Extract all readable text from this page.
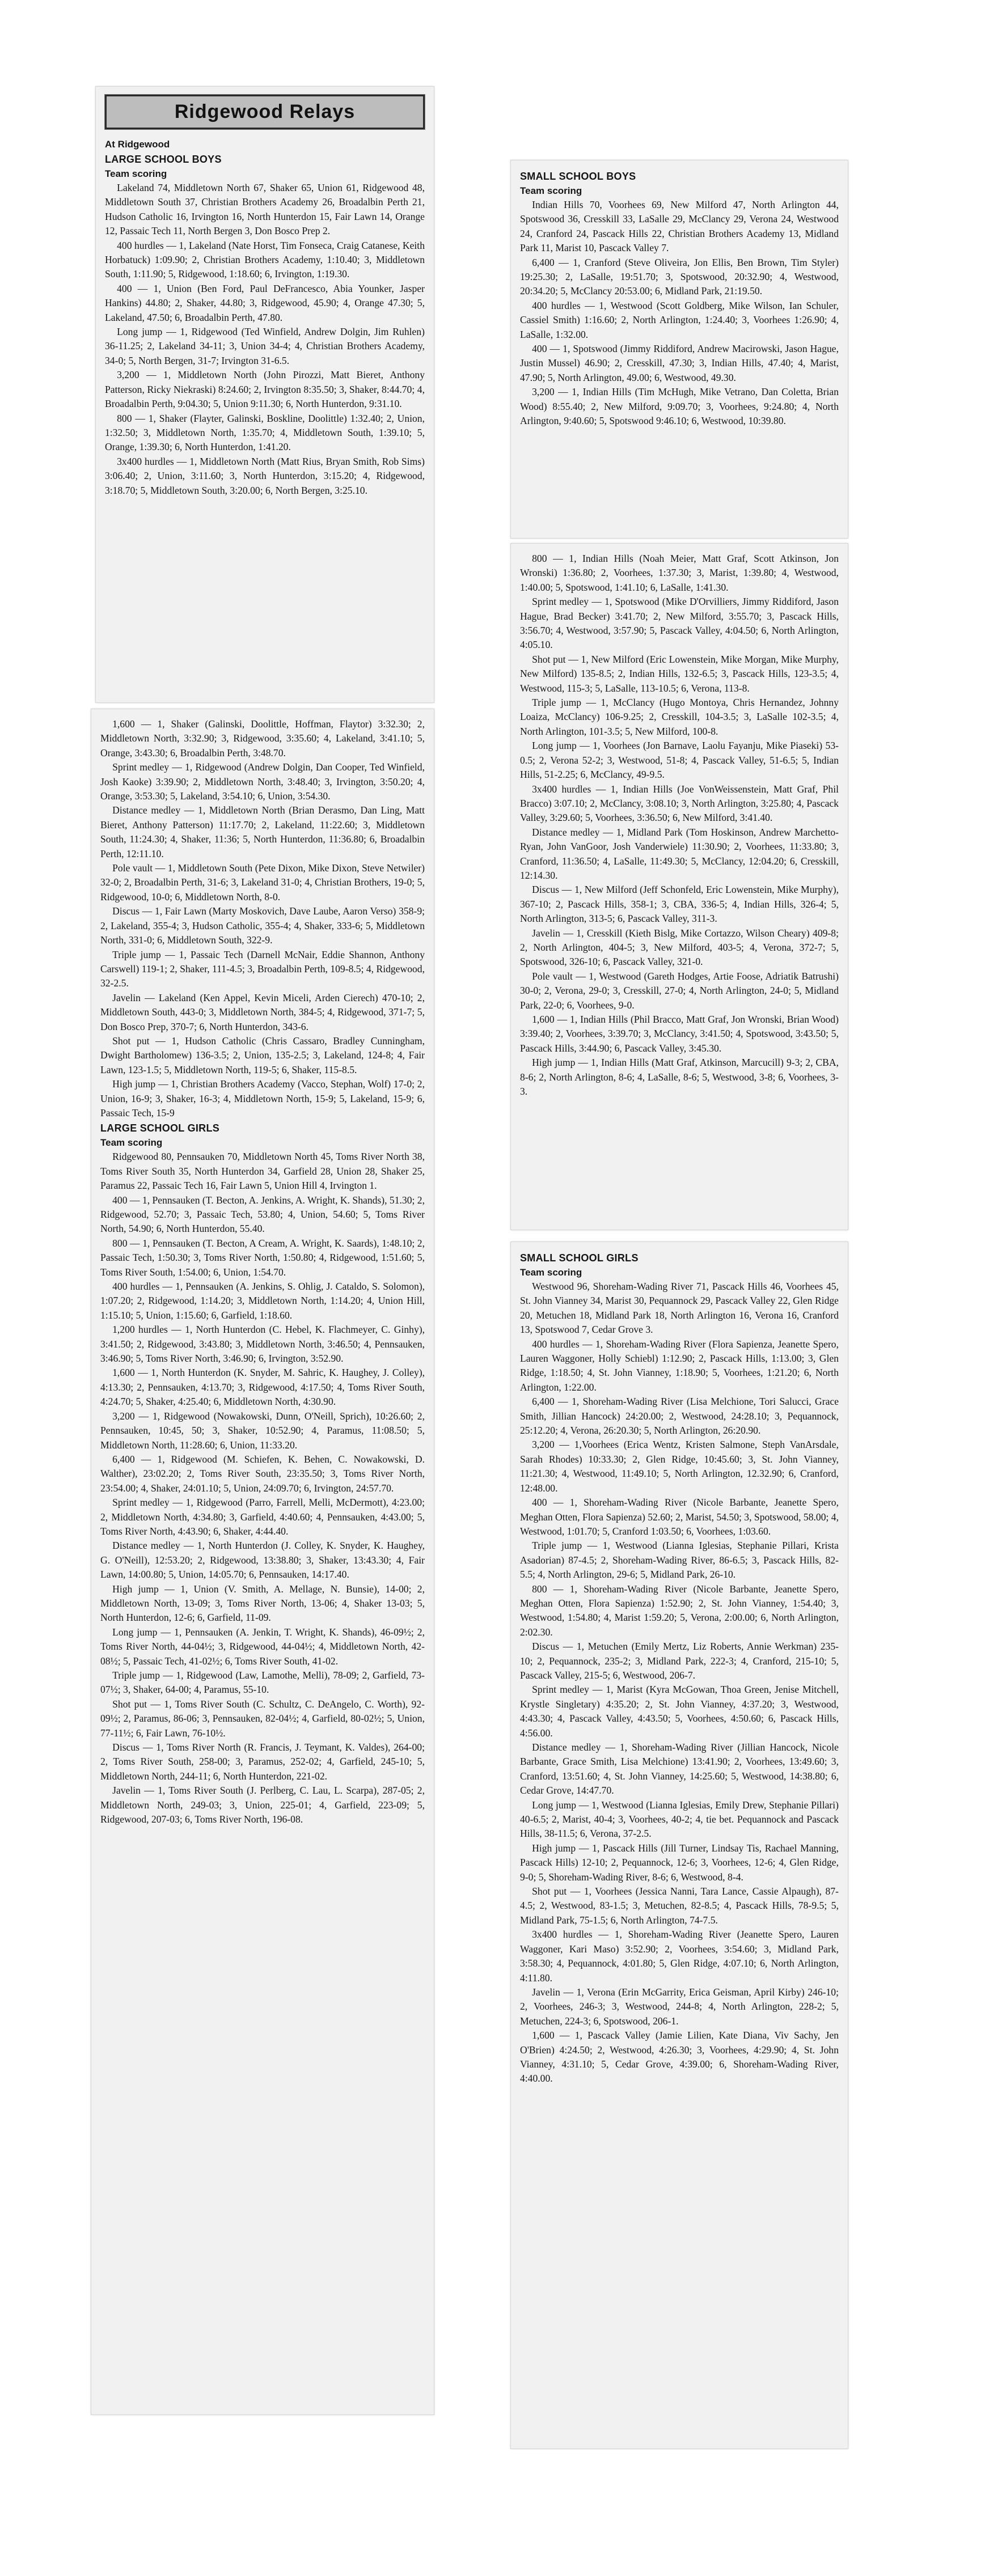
Ridgewood Relays
At Ridgewood
LARGE SCHOOL BOYS
Team scoring

Lakeland 74, Middletown North 67, Shaker 65, Union 61, Ridgewood 48, Middletown South 37, Christian Brothers Academy 26, Broadalbin Perth 21, Hudson Catholic 16, Irvington 16, North Hunterdon 15, Fair Lawn 14, Orange 12, Passaic Tech 11, North Bergen 3, Don Bosco Prep 2.

400 hurdles — 1, Lakeland (Nate Horst, Tim Fonseca, Craig Catanese, Keith Horbatuck) 1:09.90; 2, Christian Brothers Academy, 1:10.40; 3, Middletown South, 1:11.90; 5, Ridgewood, 1:18.60; 6, Irvington, 1:19.30.

400 — 1, Union (Ben Ford, Paul DeFrancesco, Abia Younker, Jasper Hankins) 44.80; 2, Shaker, 44.80; 3, Ridgewood, 45.90; 4, Orange 47.30; 5, Lakeland, 47.50; 6, Broadalbin Perth, 47.80.

Long jump — 1, Ridgewood (Ted Winfield, Andrew Dolgin, Jim Ruhlen) 36-11.25; 2, Lakeland 34-11; 3, Union 34-4; 4, Christian Brothers Academy, 34-0; 5, North Bergen, 31-7; Irvington 31-6.5.

3,200 — 1, Middletown North (John Pirozzi, Matt Bieret, Anthony Patterson, Ricky Niekraski) 8:24.60; 2, Irvington 8:35.50; 3, Shaker, 8:44.70; 4, Broadalbin Perth, 9:04.30; 5, Union 9:11.30; 6, North Hunterdon, 9:31.10.

800 — 1, Shaker (Flayter, Galinski, Boskline, Doolittle) 1:32.40; 2, Union, 1:32.50; 3, Middletown North, 1:35.70; 4, Middletown South, 1:39.10; 5, Orange, 1:39.30; 6, North Hunterdon, 1:41.20.

3x400 hurdles — 1, Middletown North (Matt Rius, Bryan Smith, Rob Sims) 3:06.40; 2, Union, 3:11.60; 3, North Hunterdon, 3:15.20; 4, Ridgewood, 3:18.70; 5, Middletown South, 3:20.00; 6, North Bergen, 3:25.10.

1,600 — 1, Shaker (Galinski, Doolittle, Hoffman, Flaytor) 3:32.30; 2, Middletown North, 3:32.90; 3, Ridgewood, 3:35.60; 4, Lakeland, 3:41.10; 5, Orange, 3:43.30; 6, Broadalbin Perth, 3:48.70.

Sprint medley — 1, Ridgewood (Andrew Dolgin, Dan Cooper, Ted Winfield, Josh Kaoke) 3:39.90; 2, Middletown North, 3:48.40; 3, Irvington, 3:50.20; 4, Orange, 3:53.30; 5, Lakeland, 3:54.10; 6, Union, 3:54.30.

Distance medley — 1, Middletown North (Brian Derasmo, Dan Ling, Matt Bieret, Anthony Patterson) 11:17.70; 2, Lakeland, 11:22.60; 3, Middletown South, 11:24.30; 4, Shaker, 11:36; 5, North Hunterdon, 11:36.80; 6, Broadalbin Perth, 12:11.10.

Pole vault — 1, Middletown South (Pete Dixon, Mike Dixon, Steve Netwiler) 32-0; 2, Broadalbin Perth, 31-6; 3, Lakeland 31-0; 4, Christian Brothers, 19-0; 5, Ridgewood, 10-0; 6, Middletown North, 8-0.

Discus — 1, Fair Lawn (Marty Moskovich, Dave Laube, Aaron Verso) 358-9; 2, Lakeland, 355-4; 3, Hudson Catholic, 355-4; 4, Shaker, 333-6; 5, Middletown North, 331-0; 6, Middletown South, 322-9.

Triple jump — 1, Passaic Tech (Darnell McNair, Eddie Shannon, Anthony Carswell) 119-1; 2, Shaker, 111-4.5; 3, Broadalbin Perth, 109-8.5; 4, Ridgewood, 32-2.5.

Javelin — Lakeland (Ken Appel, Kevin Miceli, Arden Cierech) 470-10; 2, Middletown South, 443-0; 3, Middletown North, 384-5; 4, Ridgewood, 371-7; 5, Don Bosco Prep, 370-7; 6, North Hunterdon, 343-6.

Shot put — 1, Hudson Catholic (Chris Cassaro, Bradley Cunningham, Dwight Bartholomew) 136-3.5; 2, Union, 135-2.5; 3, Lakeland, 124-8; 4, Fair Lawn, 123-1.5; 5, Middletown North, 119-5; 6, Shaker, 115-8.5.

High jump — 1, Christian Brothers Academy (Vacco, Stephan, Wolf) 17-0; 2, Union, 16-9; 3, Shaker, 16-3; 4, Middletown North, 15-9; 5, Lakeland, 15-9; 6, Passaic Tech, 15-9

LARGE SCHOOL GIRLS
Team scoring

Ridgewood 80, Pennsauken 70, Middletown North 45, Toms River North 38, Toms River South 35, North Hunterdon 34, Garfield 28, Union 28, Shaker 25, Paramus 22, Passaic Tech 16, Fair Lawn 5, Union Hill 4, Irvington 1.

400 — 1, Pennsauken (T. Becton, A. Jenkins, A. Wright, K. Shands), 51.30; 2, Ridgewood, 52.70; 3, Passaic Tech, 53.80; 4, Union, 54.60; 5, Toms River North, 54.90; 6, North Hunterdon, 55.40.

800 — 1, Pennsauken (T. Becton, A Cream, A. Wright, K. Saards), 1:48.10; 2, Passaic Tech, 1:50.30; 3, Toms River North, 1:50.80; 4, Ridgewood, 1:51.60; 5, Toms River South, 1:54.00; 6, Union, 1:54.70.

400 hurdles — 1, Pennsauken (A. Jenkins, S. Ohlig, J. Cataldo, S. Solomon), 1:07.20; 2, Ridgewood, 1:14.20; 3, Middletown North, 1:14.20; 4, Union Hill, 1:15.10; 5, Union, 1:15.60; 6, Garfield, 1:18.60.

1,200 hurdles — 1, North Hunterdon (C. Hebel, K. Flachmeyer, C. Ginhy), 3:41.50; 2, Ridgewood, 3:43.80; 3, Middletown North, 3:46.50; 4, Pennsauken, 3:46.90; 5, Toms River North, 3:46.90; 6, Irvington, 3:52.90.

1,600 — 1, North Hunterdon (K. Snyder, M. Sahric, K. Haughey, J. Colley), 4:13.30; 2, Pennsauken, 4:13.70; 3, Ridgewood, 4:17.50; 4, Toms River South, 4:24.70; 5, Shaker, 4:25.40; 6, Middletown North, 4:30.90.

3,200 — 1, Ridgewood (Nowakowski, Dunn, O'Neill, Sprich), 10:26.60; 2, Pennsauken, 10:45, 50; 3, Shaker, 10:52.90; 4, Paramus, 11:08.50; 5, Middletown North, 11:28.60; 6, Union, 11:33.20.

6,400 — 1, Ridgewood (M. Schiefen, K. Behen, C. Nowakowski, D. Walther), 23:02.20; 2, Toms River South, 23:35.50; 3, Toms River North, 23:54.00; 4, Shaker, 24:01.10; 5, Union, 24:09.70; 6, Irvington, 24:57.70.

Sprint medley — 1, Ridgewood (Parro, Farrell, Melli, McDermott), 4:23.00; 2, Middletown North, 4:34.80; 3, Garfield, 4:40.60; 4, Pennsauken, 4:43.00; 5, Toms River North, 4:43.90; 6, Shaker, 4:44.40.

Distance medley — 1, North Hunterdon (J. Colley, K. Snyder, K. Haughey, G. O'Neill), 12:53.20; 2, Ridgewood, 13:38.80; 3, Shaker, 13:43.30; 4, Fair Lawn, 14:00.80; 5, Union, 14:05.70; 6, Pennsauken, 14:17.40.

High jump — 1, Union (V. Smith, A. Mellage, N. Bunsie), 14-00; 2, Middletown North, 13-09; 3, Toms River North, 13-06; 4, Shaker 13-03; 5, North Hunterdon, 12-6; 6, Garfield, 11-09.

Long jump — 1, Pennsauken (A. Jenkin, T. Wright, K. Shands), 46-09½; 2, Toms River North, 44-04½; 3, Ridgewood, 44-04½; 4, Middletown North, 42-08½; 5, Passaic Tech, 41-02½; 6, Toms River South, 41-02.

Triple jump — 1, Ridgewood (Law, Lamothe, Melli), 78-09; 2, Garfield, 73-07½; 3, Shaker, 64-00; 4, Paramus, 55-10.

Shot put — 1, Toms River South (C. Schultz, C. DeAngelo, C. Worth), 92-09½; 2, Paramus, 86-06; 3, Pennsauken, 82-04½; 4, Garfield, 80-02½; 5, Union, 77-11½; 6, Fair Lawn, 76-10½.

Discus — 1, Toms River North (R. Francis, J. Teymant, K. Valdes), 264-00; 2, Toms River South, 258-00; 3, Paramus, 252-02; 4, Garfield, 245-10; 5, Middletown North, 244-11; 6, North Hunterdon, 221-02.

Javelin — 1, Toms River South (J. Perlberg, C. Lau, L. Scarpa), 287-05; 2, Middletown North, 249-03; 3, Union, 225-01; 4, Garfield, 223-09; 5, Ridgewood, 207-03; 6, Toms River North, 196-08.

SMALL SCHOOL BOYS
Team scoring

Indian Hills 70, Voorhees 69, New Milford 47, North Arlington 44, Spotswood 36, Cresskill 33, LaSalle 29, McClancy 29, Verona 24, Westwood 24, Cranford 24, Pascack Hills 22, Christian Brothers Academy 13, Midland Park 11, Marist 10, Pascack Valley 7.

6,400 — 1, Cranford (Steve Oliveira, Jon Ellis, Ben Brown, Tim Styler) 19:25.30; 2, LaSalle, 19:51.70; 3, Spotswood, 20:32.90; 4, Westwood, 20:34.20; 5, McClancy 20:53.00; 6, Midland Park, 21:19.50.

400 hurdles — 1, Westwood (Scott Goldberg, Mike Wilson, Ian Schuler, Cassiel Smith) 1:16.60; 2, North Arlington, 1:24.40; 3, Voorhees 1:26.90; 4, LaSalle, 1:32.00.

400 — 1, Spotswood (Jimmy Riddiford, Andrew Macirowski, Jason Hague, Justin Mussel) 46.90; 2, Cresskill, 47.30; 3, Indian Hills, 47.40; 4, Marist, 47.90; 5, North Arlington, 49.00; 6, Westwood, 49.30.

3,200 — 1, Indian Hills (Tim McHugh, Mike Vetrano, Dan Coletta, Brian Wood) 8:55.40; 2, New Milford, 9:09.70; 3, Voorhees, 9:24.80; 4, North Arlington, 9:40.60; 5, Spotswood 9:46.10; 6, Westwood, 10:39.80.

800 — 1, Indian Hills (Noah Meier, Matt Graf, Scott Atkinson, Jon Wronski) 1:36.80; 2, Voorhees, 1:37.30; 3, Marist, 1:39.80; 4, Westwood, 1:40.00; 5, Spotswood, 1:41.10; 6, LaSalle, 1:41.30.

Sprint medley — 1, Spotswood (Mike D'Orvilliers, Jimmy Riddiford, Jason Hague, Brad Becker) 3:41.70; 2, New Milford, 3:55.70; 3, Pascack Hills, 3:56.70; 4, Westwood, 3:57.90; 5, Pascack Valley, 4:04.50; 6, North Arlington, 4:05.10.

Shot put — 1, New Milford (Eric Lowenstein, Mike Morgan, Mike Murphy, New Milford) 135-8.5; 2, Indian Hills, 132-6.5; 3, Pascack Hills, 123-3.5; 4, Westwood, 115-3; 5, LaSalle, 113-10.5; 6, Verona, 113-8.

Triple jump — 1, McClancy (Hugo Montoya, Chris Hernandez, Johnny Loaiza, McClancy) 106-9.25; 2, Cresskill, 104-3.5; 3, LaSalle 102-3.5; 4, North Arlington, 101-3.5; 5, New Milford, 100-8.

Long jump — 1, Voorhees (Jon Barnave, Laolu Fayanju, Mike Piaseki) 53-0.5; 2, Verona 52-2; 3, Westwood, 51-8; 4, Pascack Valley, 51-6.5; 5, Indian Hills, 51-2.25; 6, McClancy, 49-9.5.

3x400 hurdles — 1, Indian Hills (Joe VonWeissenstein, Matt Graf, Phil Bracco) 3:07.10; 2, McClancy, 3:08.10; 3, North Arlington, 3:25.80; 4, Pascack Valley, 3:29.60; 5, Voorhees, 3:36.50; 6, New Milford, 3:41.40.

Distance medley — 1, Midland Park (Tom Hoskinson, Andrew Marchetto-Ryan, John VanGoor, Josh Vanderwiele) 11:30.90; 2, Voorhees, 11:33.80; 3, Cranford, 11:36.50; 4, LaSalle, 11:49.30; 5, McClancy, 12:04.20; 6, Cresskill, 12:14.30.

Discus — 1, New Milford (Jeff Schonfeld, Eric Lowenstein, Mike Murphy), 367-10; 2, Pascack Hills, 358-1; 3, CBA, 336-5; 4, Indian Hills, 326-4; 5, North Arlington, 313-5; 6, Pascack Valley, 311-3.

Javelin — 1, Cresskill (Kieth Bislg, Mike Cortazzo, Wilson Cheary) 409-8; 2, North Arlington, 404-5; 3, New Milford, 403-5; 4, Verona, 372-7; 5, Spotswood, 326-10; 6, Pascack Valley, 321-0.

Pole vault — 1, Westwood (Gareth Hodges, Artie Foose, Adriatik Batrushi) 30-0; 2, Verona, 29-0; 3, Cresskill, 27-0; 4, North Arlington, 24-0; 5, Midland Park, 22-0; 6, Voorhees, 9-0.

1,600 — 1, Indian Hills (Phil Bracco, Matt Graf, Jon Wronski, Brian Wood) 3:39.40; 2, Voorhees, 3:39.70; 3, McClancy, 3:41.50; 4, Spotswood, 3:43.50; 5, Pascack Hills, 3:44.90; 6, Pascack Valley, 3:45.30.

High jump — 1, Indian Hills (Matt Graf, Atkinson, Marcucill) 9-3; 2, CBA, 8-6; 2, North Arlington, 8-6; 4, LaSalle, 8-6; 5, Westwood, 3-8; 6, Voorhees, 3-3.

SMALL SCHOOL GIRLS
Team scoring

Westwood 96, Shoreham-Wading River 71, Pascack Hills 46, Voorhees 45, St. John Vianney 34, Marist 30, Pequannock 29, Pascack Valley 22, Glen Ridge 20, Metuchen 18, Midland Park 18, North Arlington 16, Verona 16, Cranford 13, Spotswood 7, Cedar Grove 3.

400 hurdles — 1, Shoreham-Wading River (Flora Sapienza, Jeanette Spero, Lauren Waggoner, Holly Schiebl) 1:12.90; 2, Pascack Hills, 1:13.00; 3, Glen Ridge, 1:18.50; 4, St. John Vianney, 1:18.90; 5, Voorhees, 1:21.20; 6, North Arlington, 1:22.00.

6,400 — 1, Shoreham-Wading River (Lisa Melchione, Tori Salucci, Grace Smith, Jillian Hancock) 24:20.00; 2, Westwood, 24:28.10; 3, Pequannock, 25:12.20; 4, Verona, 26:20.30; 5, North Arlington, 26:20.90.

3,200 — 1,Voorhees (Erica Wentz, Kristen Salmone, Steph VanArsdale, Sarah Rhodes) 10:33.30; 2, Glen Ridge, 10:45.60; 3, St. John Vianney, 11:21.30; 4, Westwood, 11:49.10; 5, North Arlington, 12.32.90; 6, Cranford, 12:48.00.

400 — 1, Shoreham-Wading River (Nicole Barbante, Jeanette Spero, Meghan Otten, Flora Sapienza) 52.60; 2, Marist, 54.50; 3, Spotswood, 58.00; 4, Westwood, 1:01.70; 5, Cranford 1:03.50; 6, Voorhees, 1:03.60.

Triple jump — 1, Westwood (Lianna Iglesias, Stephanie Pillari, Krista Asadorian) 87-4.5; 2, Shoreham-Wading River, 86-6.5; 3, Pascack Hills, 82-5.5; 4, North Arlington, 29-6; 5, Midland Park, 26-10.

800 — 1, Shoreham-Wading River (Nicole Barbante, Jeanette Spero, Meghan Otten, Flora Sapienza) 1:52.90; 2, St. John Vianney, 1:54.40; 3, Westwood, 1:54.80; 4, Marist 1:59.20; 5, Verona, 2:00.00; 6, North Arlington, 2:02.30.

Discus — 1, Metuchen (Emily Mertz, Liz Roberts, Annie Werkman) 235-10; 2, Pequannock, 235-2; 3, Midland Park, 222-3; 4, Cranford, 215-10; 5, Pascack Valley, 215-5; 6, Westwood, 206-7.

Sprint medley — 1, Marist (Kyra McGowan, Thoa Green, Jenise Mitchell, Krystle Singletary) 4:35.20; 2, St. John Vianney, 4:37.20; 3, Westwood, 4:43.30; 4, Pascack Valley, 4:43.50; 5, Voorhees, 4:50.60; 6, Pascack Hills, 4:56.00.

Distance medley — 1, Shoreham-Wading River (Jillian Hancock, Nicole Barbante, Grace Smith, Lisa Melchione) 13:41.90; 2, Voorhees, 13:49.60; 3, Cranford, 13:51.60; 4, St. John Vianney, 14:25.60; 5, Westwood, 14:38.80; 6, Cedar Grove, 14:47.70.

Long jump — 1, Westwood (Lianna Iglesias, Emily Drew, Stephanie Pillari) 40-6.5; 2, Marist, 40-4; 3, Voorhees, 40-2; 4, tie bet. Pequannock and Pascack Hills, 38-11.5; 6, Verona, 37-2.5.

High jump — 1, Pascack Hills (Jill Turner, Lindsay Tis, Rachael Manning, Pascack Hills) 12-10; 2, Pequannock, 12-6; 3, Voorhees, 12-6; 4, Glen Ridge, 9-0; 5, Shoreham-Wading River, 8-6; 6, Westwood, 8-4.

Shot put — 1, Voorhees (Jessica Nanni, Tara Lance, Cassie Alpaugh), 87-4.5; 2, Westwood, 83-1.5; 3, Metuchen, 82-8.5; 4, Pascack Hills, 78-9.5; 5, Midland Park, 75-1.5; 6, North Arlington, 74-7.5.

3x400 hurdles — 1, Shoreham-Wading River (Jeanette Spero, Lauren Waggoner, Kari Maso) 3:52.90; 2, Voorhees, 3:54.60; 3, Midland Park, 3:58.30; 4, Pequannock, 4:01.80; 5, Glen Ridge, 4:07.10; 6, North Arlington, 4:11.80.

Javelin — 1, Verona (Erin McGarrity, Erica Geisman, April Kirby) 246-10; 2, Voorhees, 246-3; 3, Westwood, 244-8; 4, North Arlington, 228-2; 5, Metuchen, 224-3; 6, Spotswood, 206-1.

1,600 — 1, Pascack Valley (Jamie Lilien, Kate Diana, Viv Sachy, Jen O'Brien) 4:24.50; 2, Westwood, 4:26.30; 3, Voorhees, 4:29.90; 4, St. John Vianney, 4:31.10; 5, Cedar Grove, 4:39.00; 6, Shoreham-Wading River, 4:40.00.
